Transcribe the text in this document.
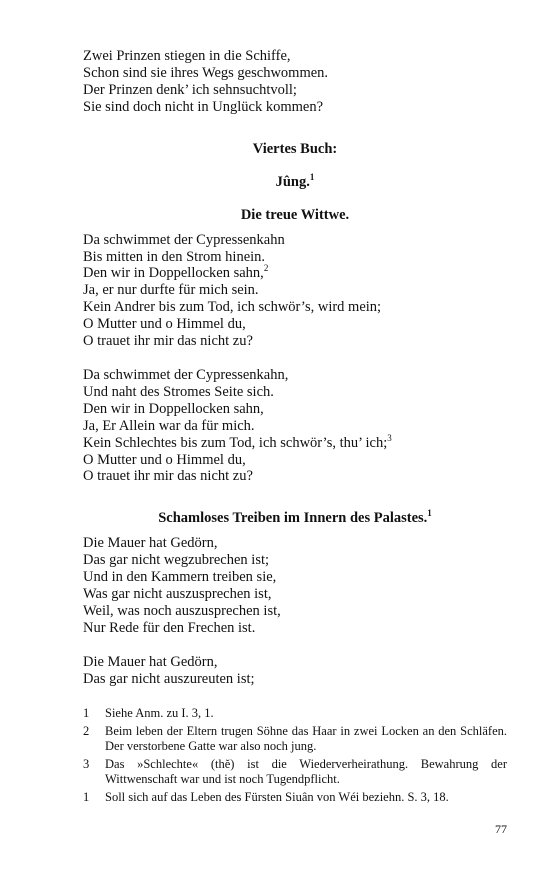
Zwei Prinzen stiegen in die Schiffe,
Schon sind sie ihres Wegs geschwommen.
Der Prinzen denk’ ich sehnsuchtvoll;
Sie sind doch nicht in Unglück kommen?
Viertes Buch:
Jûng.$^1$
Die treue Wittwe.
Da schwimmet der Cypressenkahn
Bis mitten in den Strom hinein.
Den wir in Doppellocken sahn,$^2$
Ja, er nur durfte für mich sein.
Kein Andrer bis zum Tod, ich schwör’s, wird mein;
O Mutter und o Himmel du,
O trauet ihr mir das nicht zu?
Da schwimmet der Cypressenkahn,
Und naht des Stromes Seite sich.
Den wir in Doppellocken sahn,
Ja, Er Allein war da für mich.
Kein Schlechtes bis zum Tod, ich schwör’s, thu’ ich;$^3$
O Mutter und o Himmel du,
O trauet ihr mir das nicht zu?
Schamloses Treiben im Innern des Palastes.$^1$
Die Mauer hat Gedörn,
Das gar nicht wegzubrechen ist;
Und in den Kammern treiben sie,
Was gar nicht auszusprechen ist,
Weil, was noch auszusprechen ist,
Nur Rede für den Frechen ist.
Die Mauer hat Gedörn,
Das gar nicht auszureuten ist;
1	Siehe Anm. zu I. 3, 1.
2	Beim leben der Eltern trugen Söhne das Haar in zwei Locken an den Schläfen. Der verstorbene Gatte war also noch jung.
3	Das »Schlechte« (thĕ) ist die Wiederverheirathung. Bewahrung der Wittwenschaft war und ist noch Tugendpflicht.
1	Soll sich auf das Leben des Fürsten Siuân von Wéi beziehn. S. 3, 18.
77
